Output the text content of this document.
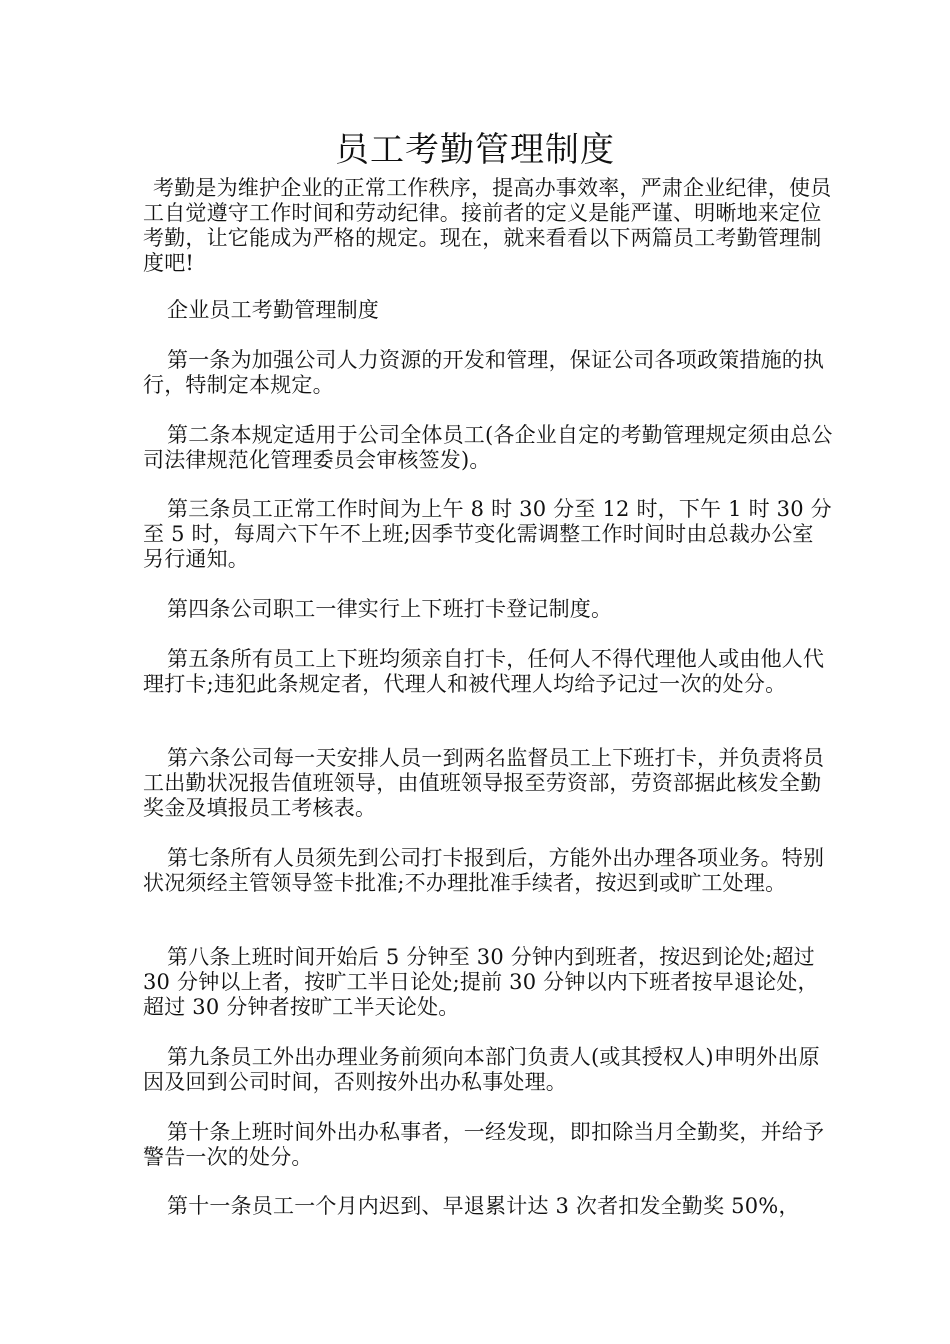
员工考勤管理制度

考勤是为维护企业的正常工作秩序，提高办事效率，严肃企业纪律，使员工自觉遵守工作时间和劳动纪律。接前者的定义是能严谨、明晰地来定位考勤，让它能成为严格的规定。现在，就来看看以下两篇员工考勤管理制度吧!

企业员工考勤管理制度

第一条为加强公司人力资源的开发和管理，保证公司各项政策措施的执行，特制定本规定。

第二条本规定适用于公司全体员工(各企业自定的考勤管理规定须由总公司法律规范化管理委员会审核签发)。

第三条员工正常工作时间为上午 8 时 30 分至 12 时，下午 1 时 30 分至 5 时，每周六下午不上班;因季节变化需调整工作时间时由总裁办公室另行通知。

第四条公司职工一律实行上下班打卡登记制度。

第五条所有员工上下班均须亲自打卡，任何人不得代理他人或由他人代理打卡;违犯此条规定者，代理人和被代理人均给予记过一次的处分。

第六条公司每一天安排人员一到两名监督员工上下班打卡，并负责将员工出勤状况报告值班领导，由值班领导报至劳资部，劳资部据此核发全勤奖金及填报员工考核表。

第七条所有人员须先到公司打卡报到后，方能外出办理各项业务。特别状况须经主管领导签卡批准;不办理批准手续者，按迟到或旷工处理。

第八条上班时间开始后 5 分钟至 30 分钟内到班者，按迟到论处;超过 30 分钟以上者，按旷工半日论处;提前 30 分钟以内下班者按早退论处，超过 30 分钟者按旷工半天论处。

第九条员工外出办理业务前须向本部门负责人(或其授权人)申明外出原因及回到公司时间，否则按外出办私事处理。

第十条上班时间外出办私事者，一经发现，即扣除当月全勤奖，并给予警告一次的处分。

第十一条员工一个月内迟到、早退累计达 3 次者扣发全勤奖 50%，
